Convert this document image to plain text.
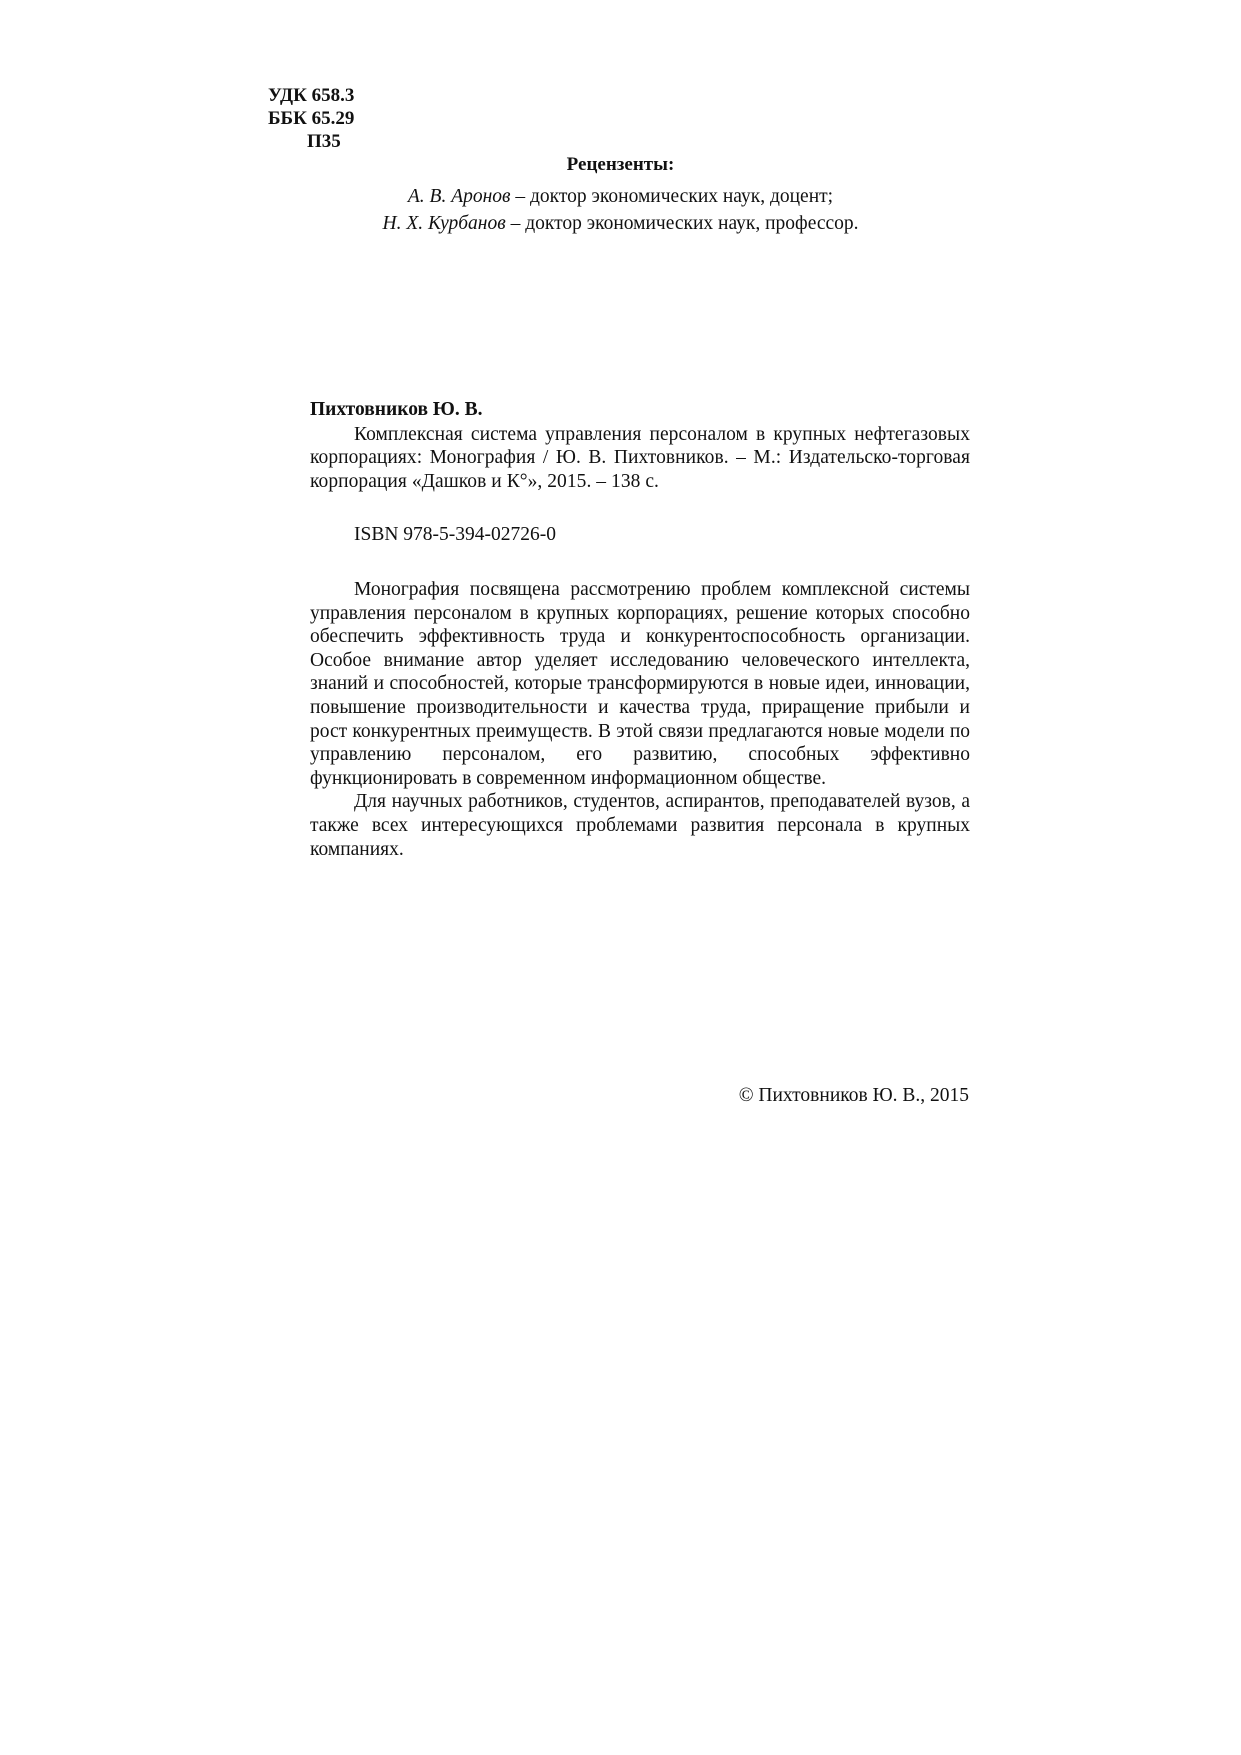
УДК 658.3
ББК 65.29
П35
Рецензенты:
А. В. Аронов – доктор экономических наук, доцент;
Н. Х. Курбанов – доктор экономических наук, профессор.
Пихтовников Ю. В.

Комплексная система управления персоналом в крупных нефтегазовых корпорациях: Монография / Ю. В. Пихтовников. – М.: Издательско-торговая корпорация «Дашков и К°», 2015. – 138 с.

ISBN 978-5-394-02726-0

Монография посвящена рассмотрению проблем комплексной системы управления персоналом в крупных корпорациях, решение которых способно обеспечить эффективность труда и конкурентоспособность организации. Особое внимание автор уделяет исследованию человеческого интеллекта, знаний и способностей, которые трансформируются в новые идеи, инновации, повышение производительности и качества труда, приращение прибыли и рост конкурентных преимуществ. В этой связи предлагаются новые модели по управлению персоналом, его развитию, способных эффективно функционировать в современном информационном обществе.

Для научных работников, студентов, аспирантов, преподавателей вузов, а также всех интересующихся проблемами развития персонала в крупных компаниях.

© Пихтовников Ю. В., 2015
